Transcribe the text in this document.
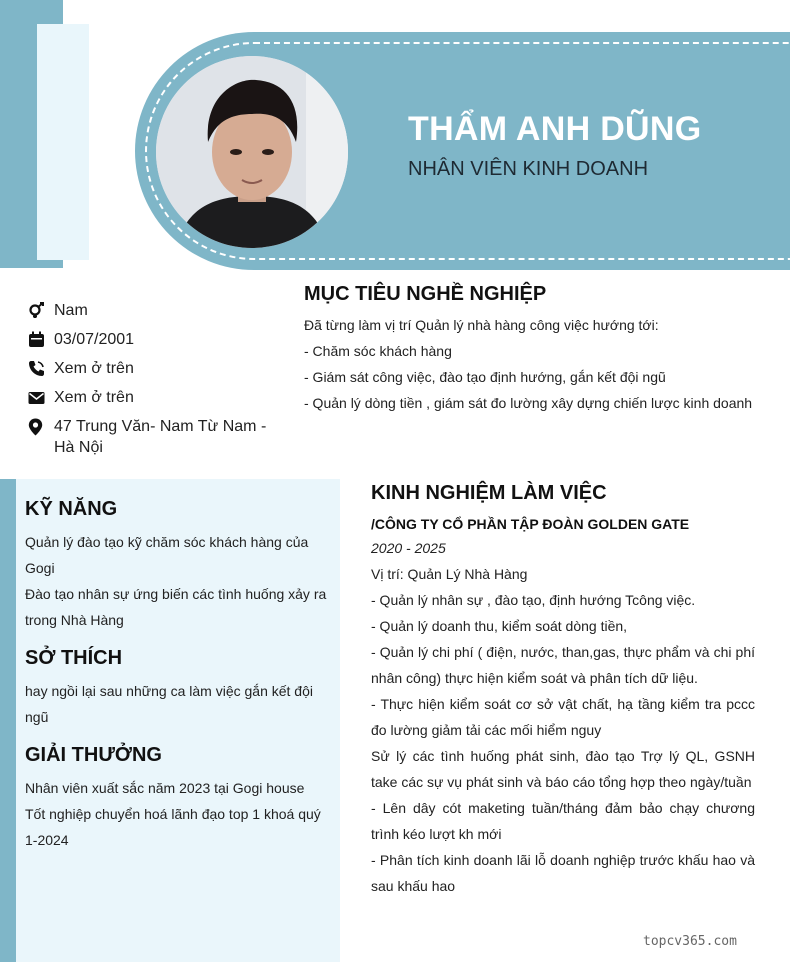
THẨM ANH DŨNG
NHÂN VIÊN KINH DOANH
Nam
03/07/2001
Xem ở trên
Xem ở trên
47 Trung Văn- Nam Từ Nam - Hà Nội
MỤC TIÊU NGHỀ NGHIỆP
Đã từng làm vị trí Quản lý nhà hàng công việc hướng tới:
- Chăm sóc khách hàng
- Giám sát công việc, đào tạo định hướng, gắn kết đội ngũ
- Quản lý dòng tiền , giám sát đo lường xây dựng chiến lược kinh doanh
KỸ NĂNG
Quản lý đào tạo kỹ chăm sóc khách hàng của Gogi
Đào tạo nhân sự ứng biến các tình huống xảy ra trong Nhà Hàng
SỞ THÍCH
hay ngồi lại sau những ca làm việc gắn kết đội ngũ
GIẢI THƯỞNG
Nhân viên xuất sắc năm 2023 tại Gogi house
Tốt nghiệp chuyển hoá lãnh đạo top 1 khoá quý 1-2024
KINH NGHIỆM LÀM VIỆC
/CÔNG TY CỔ PHẦN TẬP ĐOÀN GOLDEN GATE
2020 - 2025
Vị trí: Quản Lý Nhà Hàng
- Quản lý nhân sự , đào tạo, định hướng Tcông việc.
- Quản lý doanh thu, kiểm soát dòng tiền,
- Quản lý chi phí ( điện, nước, than,gas, thực phẩm và chi phí nhân công) thực hiện kiểm soát và phân tích dữ liệu.
- Thực hiện kiểm soát cơ sở vật chất, hạ tầng kiểm tra pccc đo lường giảm tải các mối hiểm nguy
Sử lý các tình huống phát sinh, đào tạo Trợ lý QL, GSNH take các sự vụ phát sinh và báo cáo tổng hợp theo ngày/tuần
- Lên dây cót maketing tuần/tháng đảm bảo chạy chương trình kéo lượt kh mới
- Phân tích kinh doanh lãi lỗ doanh nghiệp trước khấu hao và sau khấu hao
topcv365.com
